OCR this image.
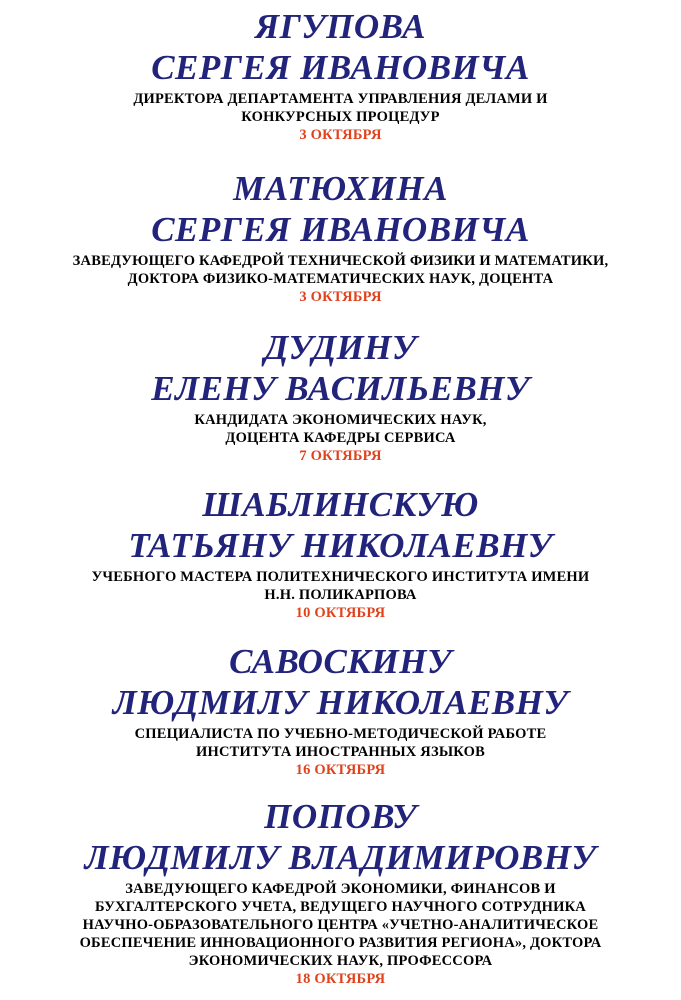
ЯГУПОВА
СЕРГЕЯ ИВАНОВИЧА
ДИРЕКТОРА ДЕПАРТАМЕНТА УПРАВЛЕНИЯ ДЕЛАМИ И
КОНКУРСНЫХ ПРОЦЕДУР
3 ОКТЯБРЯ
МАТЮХИНА
СЕРГЕЯ ИВАНОВИЧА
ЗАВЕДУЮЩЕГО КАФЕДРОЙ ТЕХНИЧЕСКОЙ ФИЗИКИ И МАТЕМАТИКИ,
ДОКТОРА ФИЗИКО-МАТЕМАТИЧЕСКИХ НАУК, ДОЦЕНТА
3 ОКТЯБРЯ
ДУДИНУ
ЕЛЕНУ ВАСИЛЬЕВНУ
КАНДИДАТА ЭКОНОМИЧЕСКИХ НАУК,
ДОЦЕНТА КАФЕДРЫ СЕРВИСА
7 ОКТЯБРЯ
ШАБЛИНСКУЮ
ТАТЬЯНУ НИКОЛАЕВНУ
УЧЕБНОГО МАСТЕРА ПОЛИТЕХНИЧЕСКОГО ИНСТИТУТА ИМЕНИ
Н.Н. ПОЛИКАРПОВА
10 ОКТЯБРЯ
САВОСКИНУ
ЛЮДМИЛУ НИКОЛАЕВНУ
СПЕЦИАЛИСТА ПО УЧЕБНО-МЕТОДИЧЕСКОЙ РАБОТЕ
ИНСТИТУТА ИНОСТРАННЫХ ЯЗЫКОВ
16 ОКТЯБРЯ
ПОПОВУ
ЛЮДМИЛУ ВЛАДИМИРОВНУ
ЗАВЕДУЮЩЕГО КАФЕДРОЙ ЭКОНОМИКИ, ФИНАНСОВ И
БУХГАЛТЕРСКОГО УЧЕТА, ВЕДУЩЕГО НАУЧНОГО СОТРУДНИКА
НАУЧНО-ОБРАЗОВАТЕЛЬНОГО ЦЕНТРА «УЧЕТНО-АНАЛИТИЧЕСКОЕ
ОБЕСПЕЧЕНИЕ ИННОВАЦИОННОГО РАЗВИТИЯ РЕГИОНА», ДОКТОРА
ЭКОНОМИЧЕСКИХ НАУК, ПРОФЕССОРА
18 ОКТЯБРЯ
